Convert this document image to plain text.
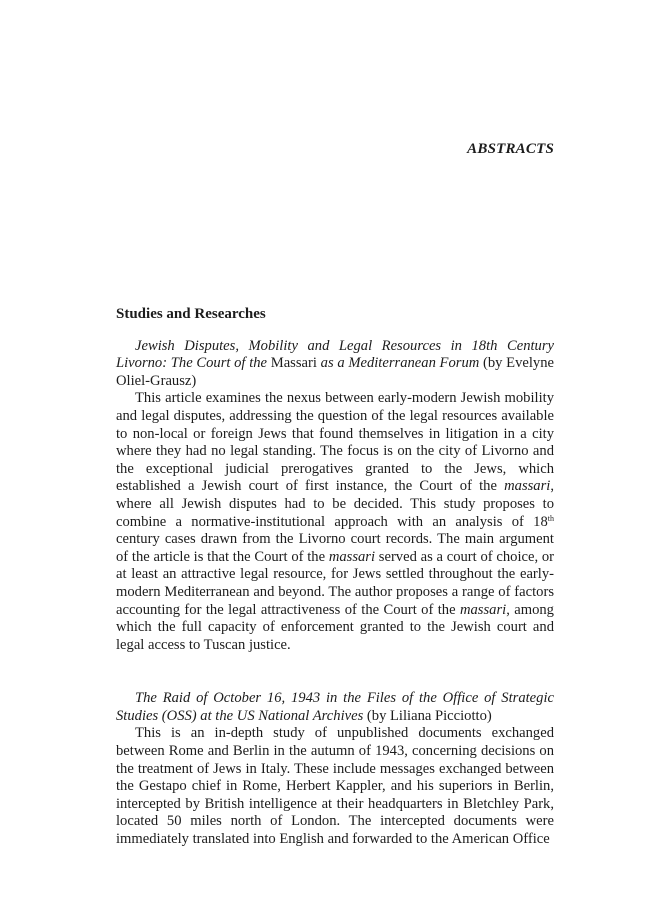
ABSTRACTS
Studies and Researches

Jewish Disputes, Mobility and Legal Resources in 18th Century Livorno: The Court of the Massari as a Mediterranean Forum (by Evelyne Oliel-Grausz)

This article examines the nexus between early-modern Jewish mobility and legal disputes, addressing the question of the legal resources available to non-local or foreign Jews that found themselves in litigation in a city where they had no legal standing. The focus is on the city of Livorno and the exceptional judicial prerogatives granted to the Jews, which established a Jewish court of first instance, the Court of the massari, where all Jewish disputes had to be decided. This study proposes to combine a normative-institutional approach with an analysis of 18th century cases drawn from the Livorno court records. The main argument of the article is that the Court of the massari served as a court of choice, or at least an attractive legal resource, for Jews settled throughout the early-modern Mediterranean and beyond. The author proposes a range of factors accounting for the legal attractiveness of the Court of the massari, among which the full capacity of enforcement granted to the Jewish court and legal access to Tuscan justice.

The Raid of October 16, 1943 in the Files of the Office of Strategic Studies (OSS) at the US National Archives (by Liliana Picciotto)

This is an in-depth study of unpublished documents exchanged between Rome and Berlin in the autumn of 1943, concerning decisions on the treatment of Jews in Italy. These include messages exchanged between the Gestapo chief in Rome, Herbert Kappler, and his superiors in Berlin, intercepted by British intelligence at their headquarters in Bletchley Park, located 50 miles north of London. The intercepted documents were immediately translated into English and forwarded to the American Office
